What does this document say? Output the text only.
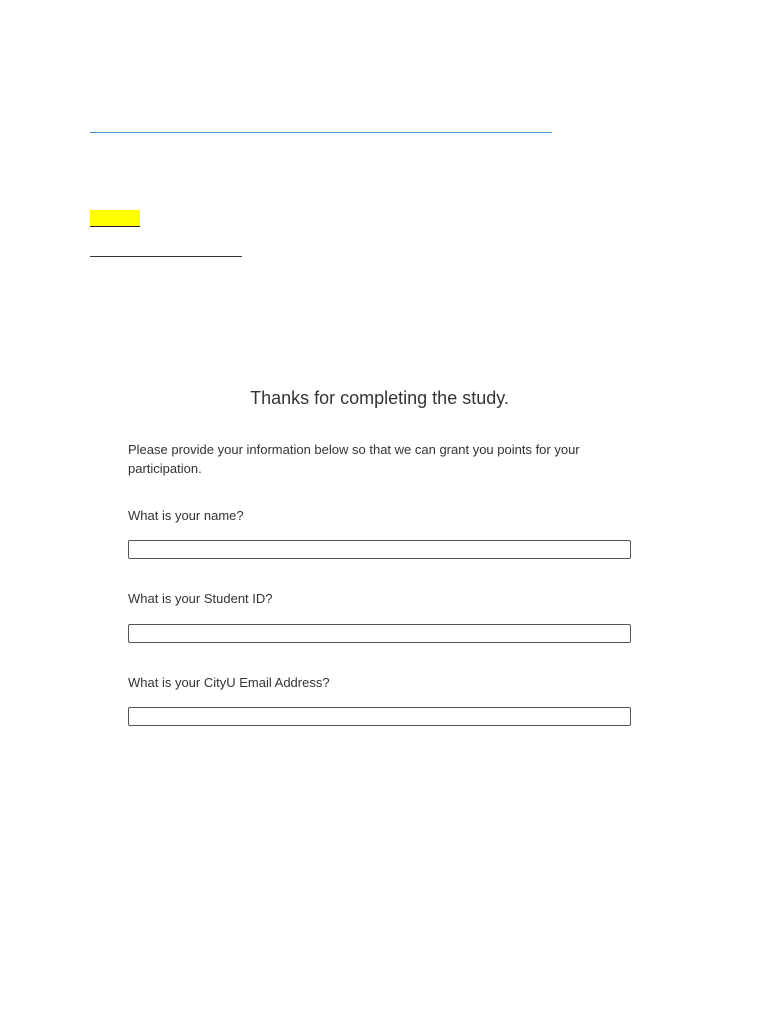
Thanks for completing the study.
Please provide your information below so that we can grant you points for your participation.
What is your name?
What is your Student ID?
What is your CityU Email Address?
